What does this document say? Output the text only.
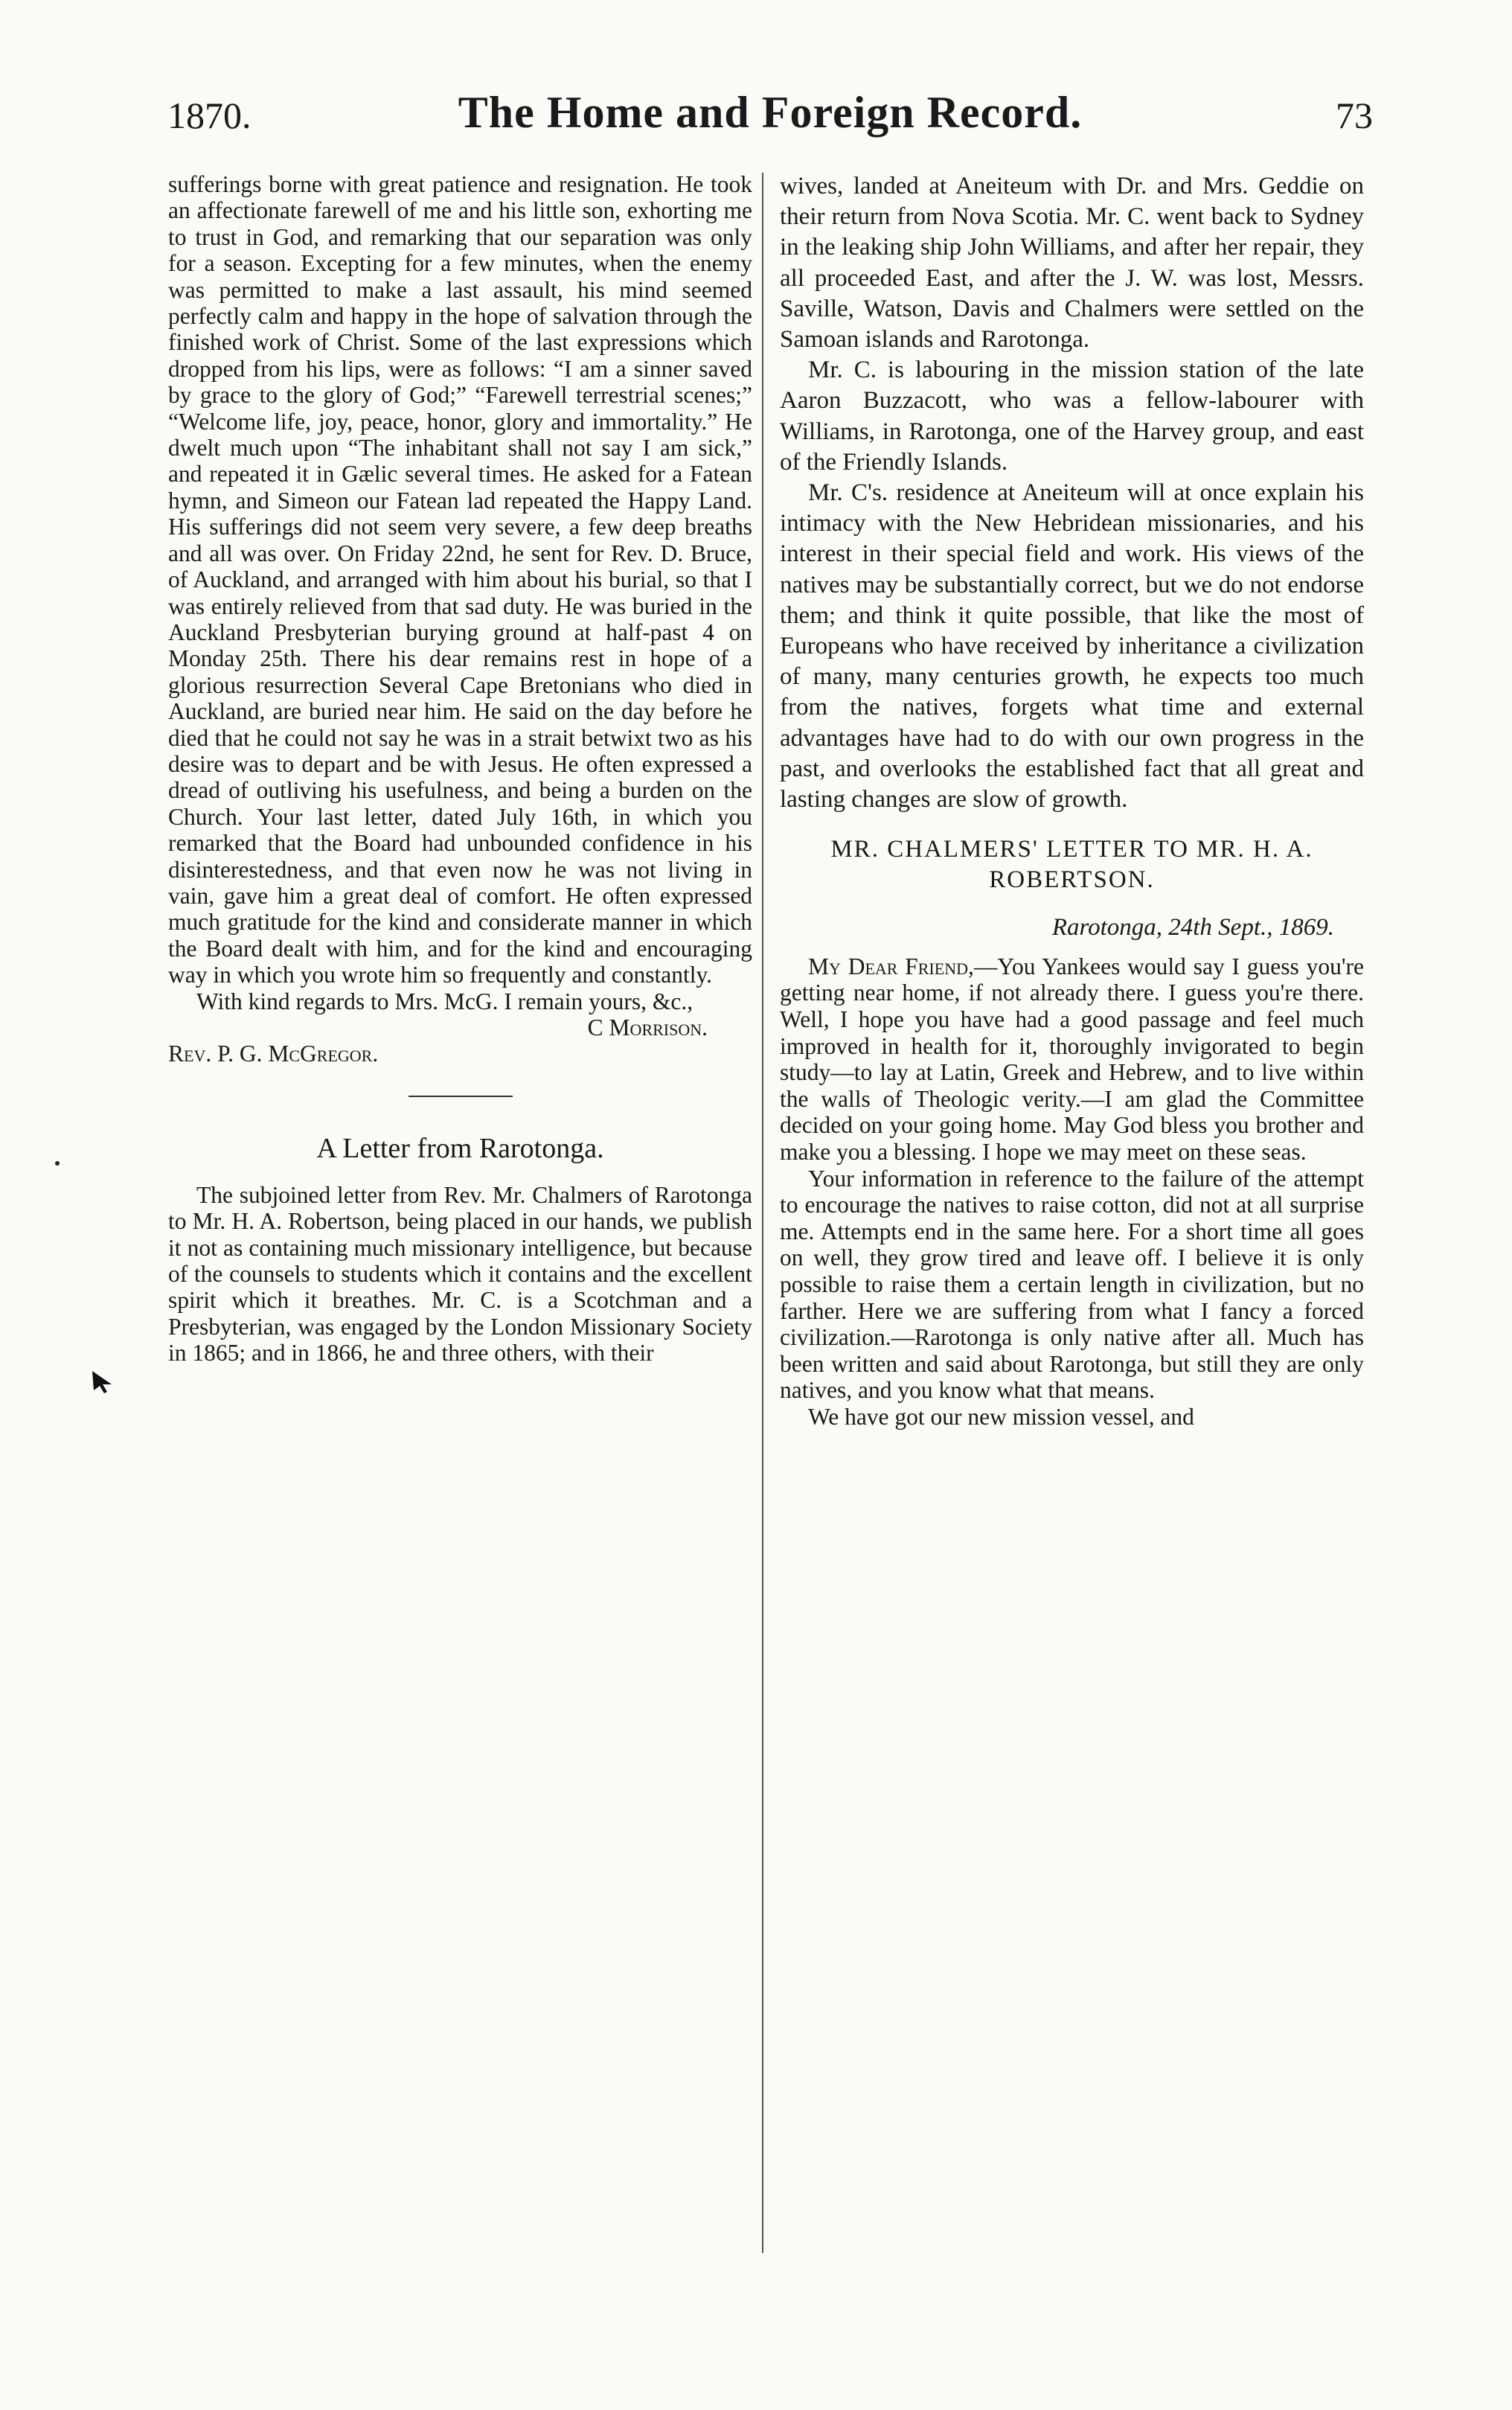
1870.	The Home and Foreign Record.	73

sufferings borne with great patience and resignation. He took an affectionate farewell of me and his little son, exhorting me to trust in God, and remarking that our separation was only for a season. Excepting for a few minutes, when the enemy was permitted to make a last assault, his mind seemed perfectly calm and happy in the hope of salvation through the finished work of Christ. Some of the last expressions which dropped from his lips, were as follows: “I am a sinner saved by grace to the glory of God;” “Farewell terrestrial scenes;” “Welcome life, joy, peace, honor, glory and immortality.” He dwelt much upon “The inhabitant shall not say I am sick,” and repeated it in Gælic several times. He asked for a Fatean hymn, and Simeon our Fatean lad repeated the Happy Land. His sufferings did not seem very severe, a few deep breaths and all was over. On Friday 22nd, he sent for Rev. D. Bruce, of Auckland, and arranged with him about his burial, so that I was entirely relieved from that sad duty. He was buried in the Auckland Presbyterian burying ground at half-past 4 on Monday 25th. There his dear remains rest in hope of a glorious resurrection Several Cape Bretonians who died in Auckland, are buried near him. He said on the day before he died that he could not say he was in a strait betwixt two as his desire was to depart and be with Jesus. He often expressed a dread of outliving his usefulness, and being a burden on the Church. Your last letter, dated July 16th, in which you remarked that the Board had unbounded confidence in his disinterestedness, and that even now he was not living in vain, gave him a great deal of comfort. He often expressed much gratitude for the kind and considerate manner in which the Board dealt with him, and for the kind and encouraging way in which you wrote him so frequently and constantly.

With kind regards to Mrs. McG. I remain yours, &c.,

C Morrison.

Rev. P. G. McGregor.

A Letter from Rarotonga.

The subjoined letter from Rev. Mr. Chalmers of Rarotonga to Mr. H. A. Robertson, being placed in our hands, we publish it not as containing much missionary intelligence, but because of the counsels to students which it contains and the excellent spirit which it breathes. Mr. C. is a Scotchman and a Presbyterian, was engaged by the London Missionary Society in 1865; and in 1866, he and three others, with their

wives, landed at Aneiteum with Dr. and Mrs. Geddie on their return from Nova Scotia. Mr. C. went back to Sydney in the leaking ship John Williams, and after her repair, they all proceeded East, and after the J. W. was lost, Messrs. Saville, Watson, Davis and Chalmers were settled on the Samoan islands and Rarotonga.

Mr. C. is labouring in the mission station of the late Aaron Buzzacott, who was a fellow-labourer with Williams, in Rarotonga, one of the Harvey group, and east of the Friendly Islands.

Mr. C's. residence at Aneiteum will at once explain his intimacy with the New Hebridean missionaries, and his interest in their special field and work. His views of the natives may be substantially correct, but we do not endorse them; and think it quite possible, that like the most of Europeans who have received by inheritance a civilization of many, many centuries growth, he expects too much from the natives, forgets what time and external advantages have had to do with our own progress in the past, and overlooks the established fact that all great and lasting changes are slow of growth.

MR. CHALMERS' LETTER TO MR. H. A. ROBERTSON.

Rarotonga, 24th Sept., 1869.

My Dear Friend,—You Yankees would say I guess you're getting near home, if not already there. I guess you're there. Well, I hope you have had a good passage and feel much improved in health for it, thoroughly invigorated to begin study—to lay at Latin, Greek and Hebrew, and to live within the walls of Theologic verity.—I am glad the Committee decided on your going home. May God bless you brother and make you a blessing. I hope we may meet on these seas.

Your information in reference to the failure of the attempt to encourage the natives to raise cotton, did not at all surprise me. Attempts end in the same here. For a short time all goes on well, they grow tired and leave off. I believe it is only possible to raise them a certain length in civilization, but no farther. Here we are suffering from what I fancy a forced civilization.—Rarotonga is only native after all. Much has been written and said about Rarotonga, but still they are only natives, and you know what that means.

We have got our new mission vessel, and
